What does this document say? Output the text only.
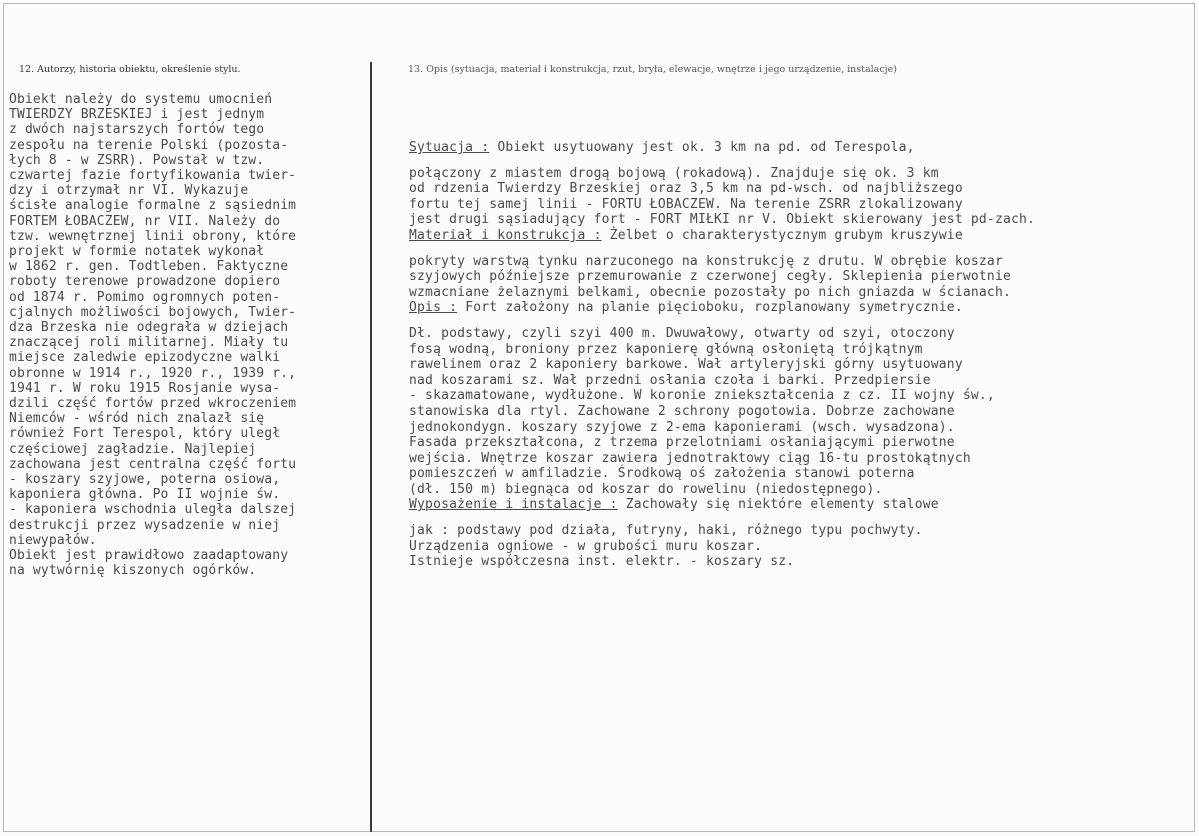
12. Autorzy, historia obiektu, określenie stylu.	13. Opis (sytuacja, materiał i konstrukcja, rzut, bryła, elewacje, wnętrze i jego urządzenie, instalacje)
Obiekt należy do systemu umocnień
TWIERDZY BRZESKIEJ i jest jednym
z dwóch najstarszych fortów tego
zespołu na terenie Polski (pozosta-
łych 8 - w ZSRR). Powstał w tzw.
czwartej fazie fortyfikowania twier-
dzy i otrzymał nr VI. Wykazuje
ścisłe analogie formalne z sąsiednim
FORTEM ŁOBACZEW, nr VII. Należy do
tzw. wewnętrznej linii obrony, które
projekt w formie notatek wykonał
w 1862 r. gen. Todtleben. Faktyczne
roboty terenowe prowadzone dopiero
od 1874 r. Pomimo ogromnych poten-
cjalnych możliwości bojowych, Twier-
dza Brzeska nie odegrała w dziejach
znaczącej roli militarnej. Miały tu
miejsce zaledwie epizodyczne walki
obronne w 1914 r., 1920 r., 1939 r.,
1941 r. W roku 1915 Rosjanie wysa-
dzili część fortów przed wkroczeniem
Niemców - wśród nich znalazł się
również Fort Terespol, który uległ
częściowej zagładzie. Najlepiej
zachowana jest centralna część fortu
- koszary szyjowe, poterna osiowa,
kaponiera główna. Po II wojnie św.
- kaponiera wschodnia uległa dalszej
destrukcji przez wysadzenie w niej
niewypałów.
Obiekt jest prawidłowo zaadaptowany
na wytwórnię kiszonych ogórków.
Sytuacja : Obiekt usytuowany jest ok. 3 km na pd. od Terespola,
połączony z miastem drogą bojową (rokadową). Znajduje się ok. 3 km
od rdzenia Twierdzy Brzeskiej oraz 3,5 km na pd-wsch. od najbliższego
fortu tej samej linii - FORTU ŁOBACZEW. Na terenie ZSRR zlokalizowany
jest drugi sąsiadujący fort - FORT MIŁKI nr V. Obiekt skierowany jest pd-zach.
Materiał i konstrukcja : Żelbet o charakterystycznym grubym kruszywie
pokryty warstwą tynku narzuconego na konstrukcję z drutu. W obrębie koszar
szyjowych późniejsze przemurowanie z czerwonej cegły. Sklepienia pierwotnie
wzmacniane żelaznymi belkami, obecnie pozostały po nich gniazda w ścianach.
Opis : Fort założony na planie pięcioboku, rozplanowany symetrycznie.
Dł. podstawy, czyli szyi 400 m. Dwuwałowy, otwarty od szyi, otoczony
fosą wodną, broniony przez kaponierę główną osłoniętą trójkątnym
rawelinem oraz 2 kaponiery barkowe. Wał artyleryjski górny usytuowany
nad koszarami sz. Wał przedni osłania czoła i barki. Przedpiersie
- skazamatowane, wydłużone. W koronie zniekształcenia z cz. II wojny św.,
stanowiska dla rtyl. Zachowane 2 schrony pogotowia. Dobrze zachowane
jednokondygn. koszary szyjowe z 2-ema kaponierami (wsch. wysadzona).
Fasada przekształcona, z trzema przelotniami osłaniającymi pierwotne
wejścia. Wnętrze koszar zawiera jednotraktowy ciąg 16-tu prostokątnych
pomieszczeń w amfiladzie. Środkową oś założenia stanowi poterna
(dł. 150 m) biegnąca od koszar do rowelinu (niedostępnego).
Wyposażenie i instalacje : Zachowały się niektóre elementy stalowe
jak : podstawy pod działa, futryny, haki, różnego typu pochwyty.
Urządzenia ogniowe - w grubości muru koszar.
Istnieje współczesna inst. elektr. - koszary sz.
